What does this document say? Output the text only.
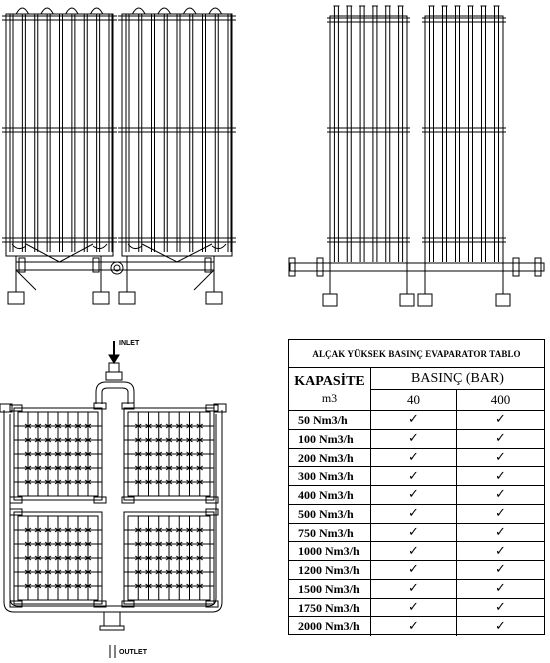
INLET
OUTLET
ALÇAK YÜKSEK BASINÇ EVAPARATOR TABLO
KAPASİTE
m3
BASINÇ (BAR)
40	400
50 Nm3/h	✓	✓
100 Nm3/h	✓	✓
200 Nm3/h	✓	✓
300 Nm3/h	✓	✓
400 Nm3/h	✓	✓
500 Nm3/h	✓	✓
750 Nm3/h	✓	✓
1000 Nm3/h	✓	✓
1200 Nm3/h	✓	✓
1500 Nm3/h	✓	✓
1750 Nm3/h	✓	✓
2000 Nm3/h	✓	✓
